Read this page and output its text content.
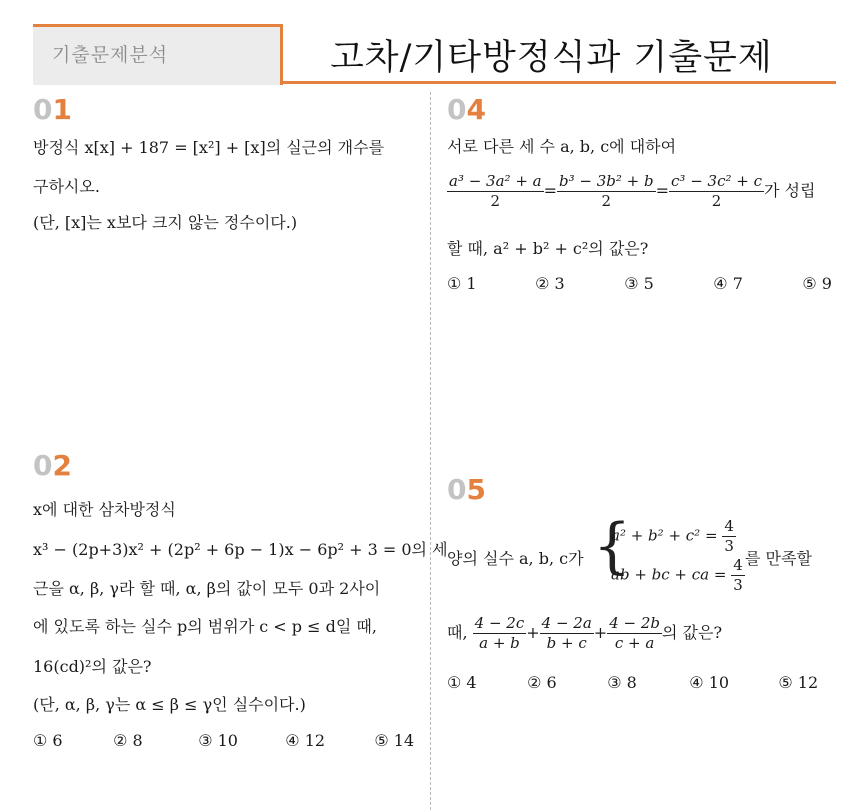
기출문제분석	고차/기타방정식과 기출문제
01
방정식 x[x] + 187 = [x²] + [x]의 실근의 개수를
구하시오.
(단, [x]는 x보다 크지 않는 정수이다.)
02
x에 대한 삼차방정식
x³ − (2p+3)x² + (2p² + 6p − 1)x − 6p² + 3 = 0의 세
근을 α, β, γ라 할 때, α, β의 값이 모두 0과 2사이
에 있도록 하는 실수 p의 범위가 c < p ≤ d일 때,
16(cd)²의 값은?
(단, α, β, γ는 α ≤ β ≤ γ인 실수이다.)
① 6	② 8	③ 10	④ 12	⑤ 14
04
서로 다른 세 수 a, b, c에 대하여
$\frac{\text{a³ − 3a² + a}}{2} = \frac{\text{b³ − 3b² + b}}{2} = \frac{\text{c³ − 3c² + c}}{2}$ 가 성립
할 때, a² + b² + c²의 값은?
① 1	② 3	③ 5	④ 7	⑤ 9
05
양의 실수 a, b, c가 {
$a^2 + b^2 + c^2 = \frac{4}{3}$
ab + bc + ca = $\frac{4}{3}$ 를 만족할
때, $\frac{4 - 2c}{a + b} + \frac{4 - 2a}{b + c} + \frac{4 - 2b}{c + a}$ 의 값은?
① 4	② 6	③ 8	④ 10	⑤ 12
